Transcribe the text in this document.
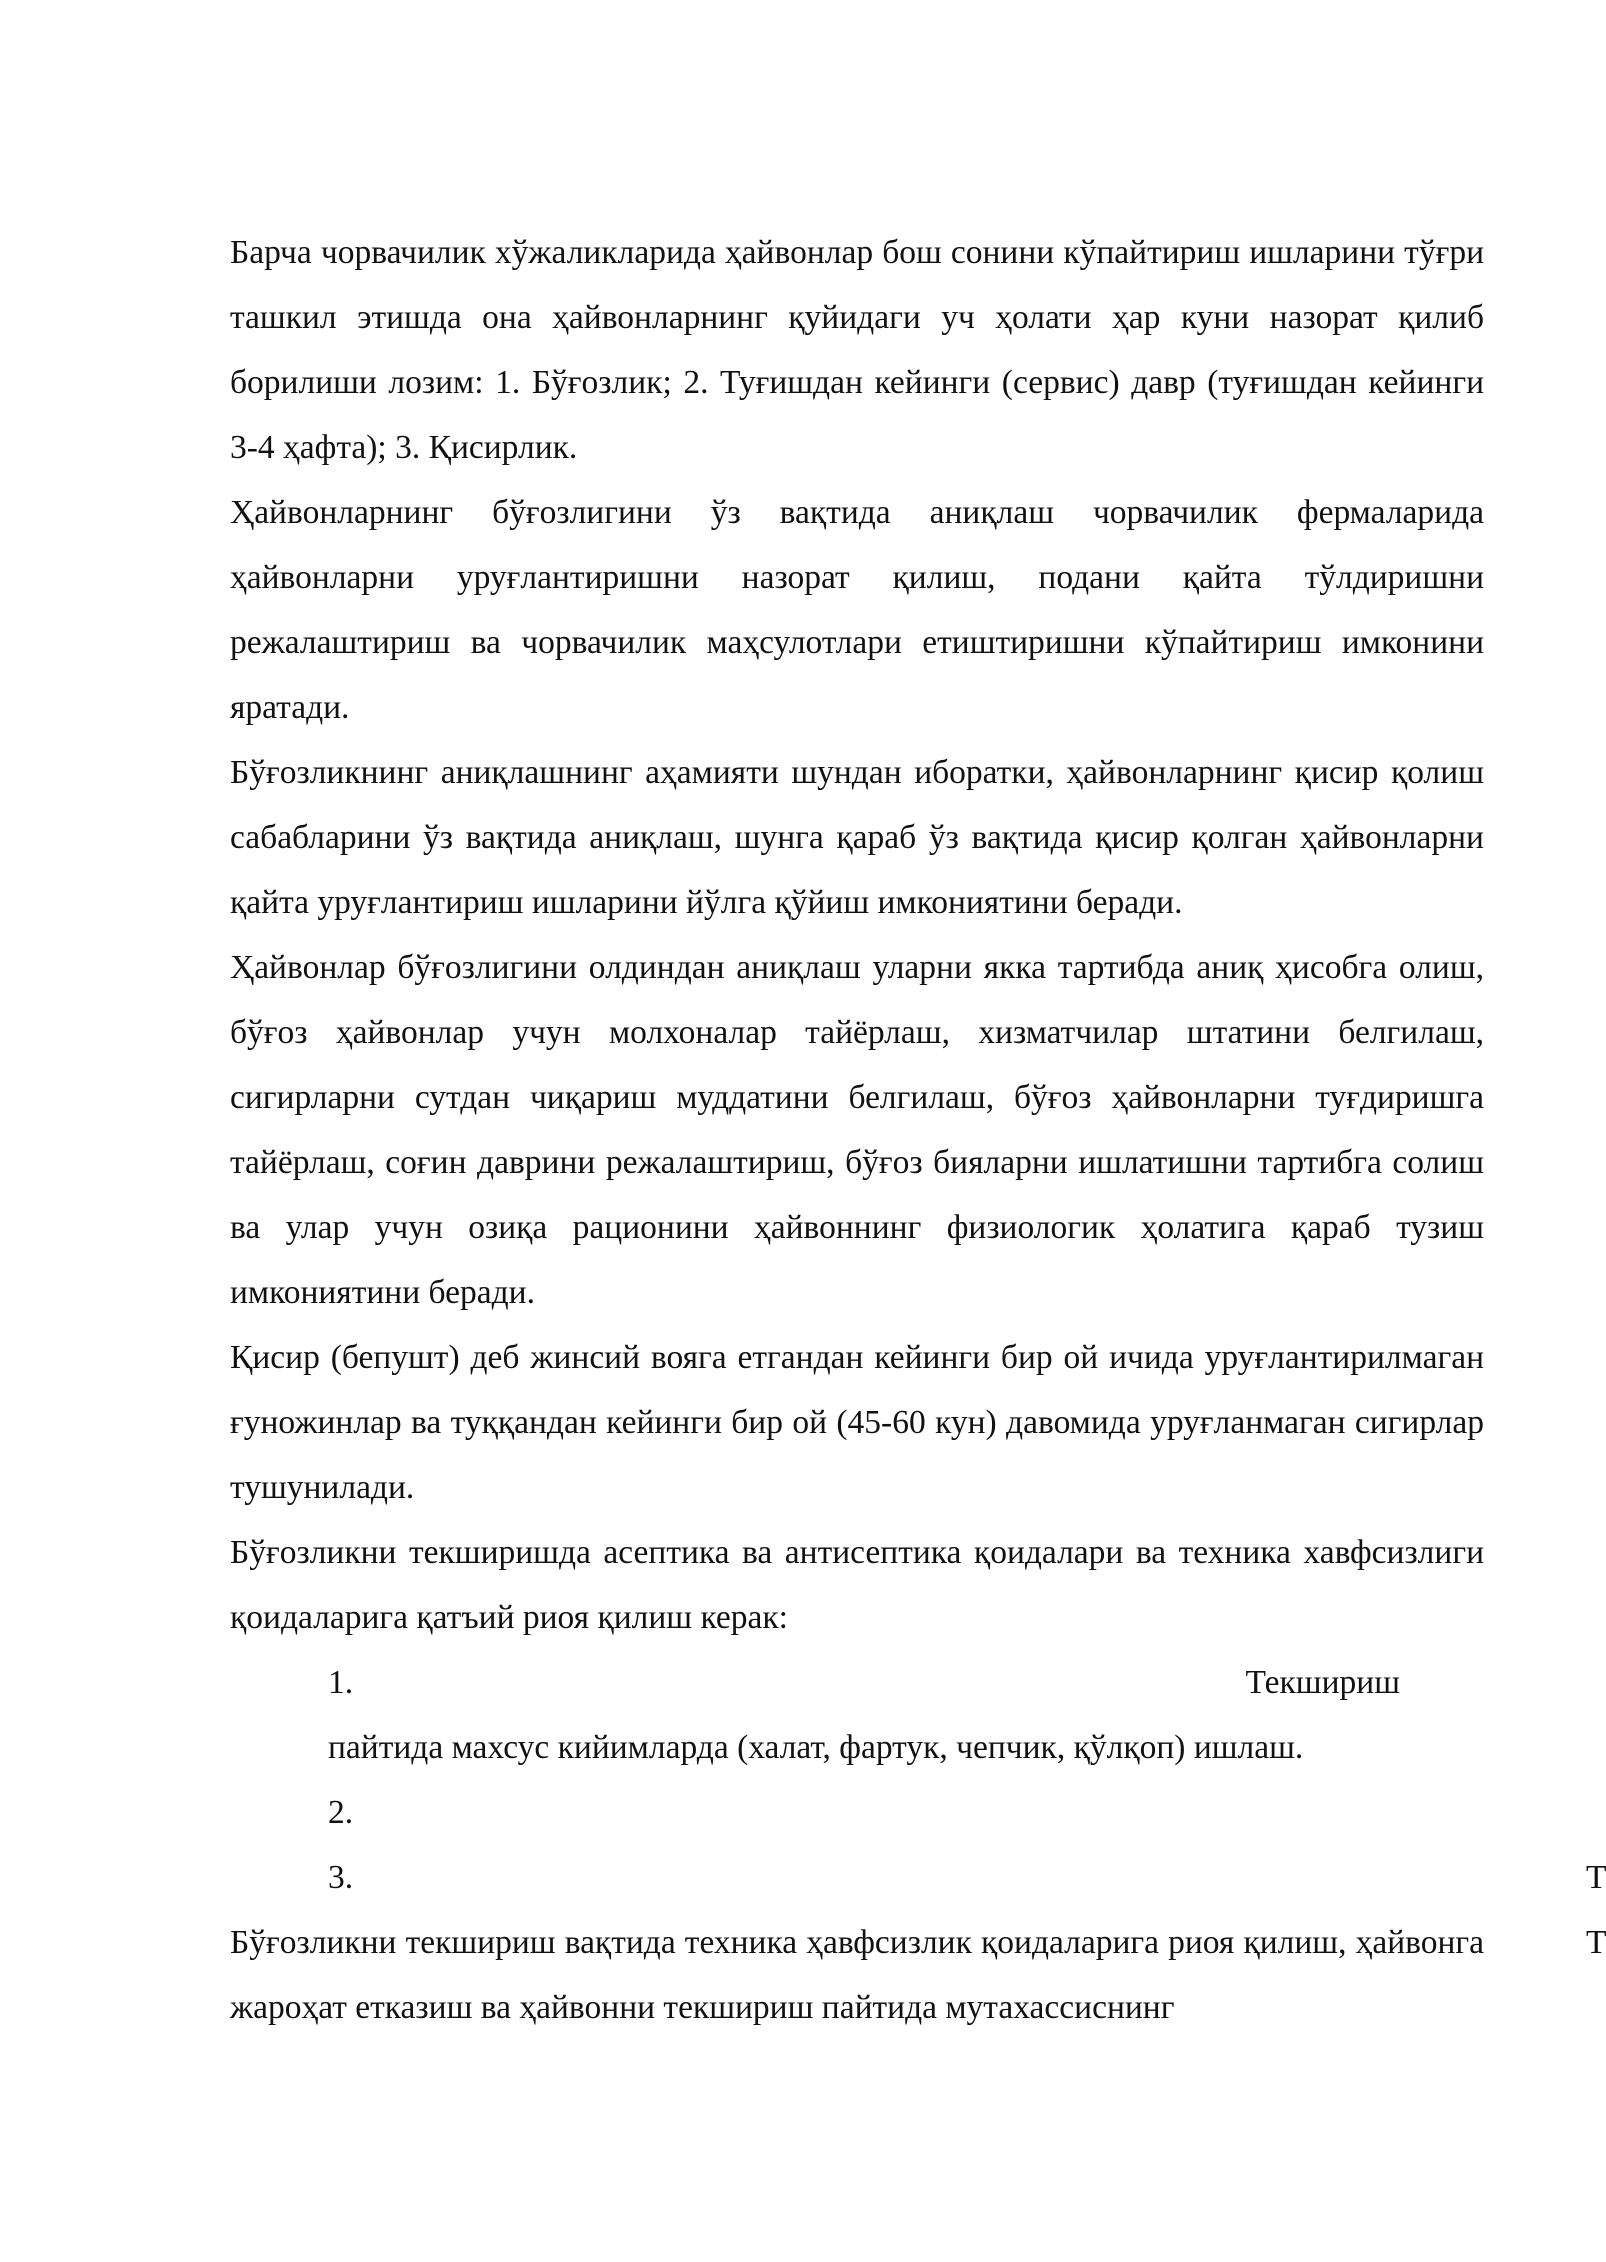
Барча чорвачилик хўжаликларида ҳайвонлар бош сонини кўпайтириш ишларини тўғри ташкил этишда она ҳайвонларнинг қуйидаги уч ҳолати ҳар куни назорат қилиб борилиши лозим: 1. Бўғозлик; 2. Туғишдан кейинги (сервис) давр (туғишдан кейинги 3-4 ҳафта); 3. Қисирлик.

Ҳайвонларнинг бўғозлигини ўз вақтида аниқлаш чорвачилик фермаларида ҳайвонларни уруғлантиришни назорат қилиш, подани қайта тўлдиришни режалаштириш ва чорвачилик маҳсулотлари етиштиришни кўпайтириш имконини яратади.

Бўғозликнинг аниқлашнинг аҳамияти шундан иборатки, ҳайвонларнинг қисир қолиш сабабларини ўз вақтида аниқлаш, шунга қараб ўз вақтида қисир қолган ҳайвонларни қайта уруғлантириш ишларини йўлга қўйиш имкониятини беради.

Ҳайвонлар бўғозлигини олдиндан аниқлаш уларни якка тартибда аниқ ҳисобга олиш, бўғоз ҳайвонлар учун молхоналар тайёрлаш, хизматчилар штатини белгилаш, сигирларни сутдан чиқариш муддатини белгилаш, бўғоз ҳайвонларни туғдиришга тайёрлаш, соғин даврини режалаштириш, бўғоз бияларни ишлатишни тартибга солиш ва улар учун озиқа рационини ҳайвоннинг физиологик ҳолатига қараб тузиш имкониятини беради.

Қисир (бепушт) деб жинсий вояга етгандан кейинги бир ой ичида уруғлантирилмаган ғуножинлар ва туққандан кейинги бир ой (45-60 кун) давомида уруғланмаган сигирлар тушунилади.

Бўғозликни текширишда асептика ва антисептика қоидалари ва техника хавфсизлиги қоидаларига қатъий риоя қилиш керак:

1.	Текшириш
пайтида махсус кийимларда (халат, фартук, чепчик, қўлқоп) ишлаш.
2.
3.

Бўғозликни текшириш вақтида техника ҳавфсизлик қоидаларига риоя қилиш, ҳайвонга жароҳат етказиш ва ҳайвонни текшириш пайтида мутахассиснинг

Т
Т
